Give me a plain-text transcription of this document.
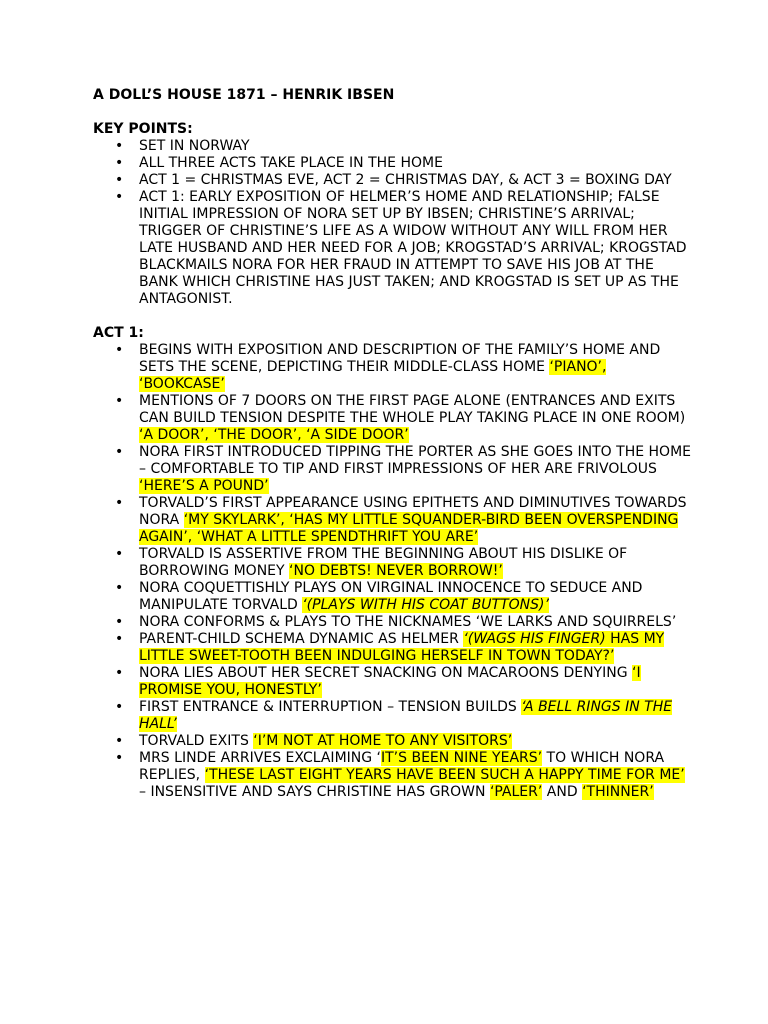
A DOLL’S HOUSE 1871 – HENRIK IBSEN

KEY POINTS:

• SET IN NORWAY
• ALL THREE ACTS TAKE PLACE IN THE HOME
• ACT 1 = CHRISTMAS EVE, ACT 2 = CHRISTMAS DAY, & ACT 3 = BOXING DAY
• ACT 1: EARLY EXPOSITION OF HELMER’S HOME AND RELATIONSHIP; FALSE INITIAL IMPRESSION OF NORA SET UP BY IBSEN; CHRISTINE’S ARRIVAL; TRIGGER OF CHRISTINE’S LIFE AS A WIDOW WITHOUT ANY WILL FROM HER LATE HUSBAND AND HER NEED FOR A JOB; KROGSTAD’S ARRIVAL; KROGSTAD BLACKMAILS NORA FOR HER FRAUD IN ATTEMPT TO SAVE HIS JOB AT THE BANK WHICH CHRISTINE HAS JUST TAKEN; AND KROGSTAD IS SET UP AS THE ANTAGONIST.

ACT 1:

• BEGINS WITH EXPOSITION AND DESCRIPTION OF THE FAMILY’S HOME AND SETS THE SCENE, DEPICTING THEIR MIDDLE-CLASS HOME ‘PIANO’, ‘BOOKCASE’
• MENTIONS OF 7 DOORS ON THE FIRST PAGE ALONE (ENTRANCES AND EXITS CAN BUILD TENSION DESPITE THE WHOLE PLAY TAKING PLACE IN ONE ROOM) ‘A DOOR’, ‘THE DOOR’, ‘A SIDE DOOR’
• NORA FIRST INTRODUCED TIPPING THE PORTER AS SHE GOES INTO THE HOME – COMFORTABLE TO TIP AND FIRST IMPRESSIONS OF HER ARE FRIVOLOUS ‘HERE’S A POUND’
• TORVALD’S FIRST APPEARANCE USING EPITHETS AND DIMINUTIVES TOWARDS NORA ‘MY SKYLARK’, ‘HAS MY LITTLE SQUANDER-BIRD BEEN OVERSPENDING AGAIN’, ‘WHAT A LITTLE SPENDTHRIFT YOU ARE’
• TORVALD IS ASSERTIVE FROM THE BEGINNING ABOUT HIS DISLIKE OF BORROWING MONEY ‘NO DEBTS! NEVER BORROW!’
• NORA COQUETTISHLY PLAYS ON VIRGINAL INNOCENCE TO SEDUCE AND MANIPULATE TORVALD ‘(PLAYS WITH HIS COAT BUTTONS)’
• NORA CONFORMS & PLAYS TO THE NICKNAMES ‘WE LARKS AND SQUIRRELS’
• PARENT-CHILD SCHEMA DYNAMIC AS HELMER ‘(WAGS HIS FINGER) HAS MY LITTLE SWEET-TOOTH BEEN INDULGING HERSELF IN TOWN TODAY?’
• NORA LIES ABOUT HER SECRET SNACKING ON MACAROONS DENYING ‘I PROMISE YOU, HONESTLY’
• FIRST ENTRANCE & INTERRUPTION – TENSION BUILDS ‘A BELL RINGS IN THE HALL’
• TORVALD EXITS ‘I’M NOT AT HOME TO ANY VISITORS’
• MRS LINDE ARRIVES EXCLAIMING ‘IT’S BEEN NINE YEARS’ TO WHICH NORA REPLIES, ‘THESE LAST EIGHT YEARS HAVE BEEN SUCH A HAPPY TIME FOR ME’ – INSENSITIVE AND SAYS CHRISTINE HAS GROWN ‘PALER’ AND ‘THINNER’
